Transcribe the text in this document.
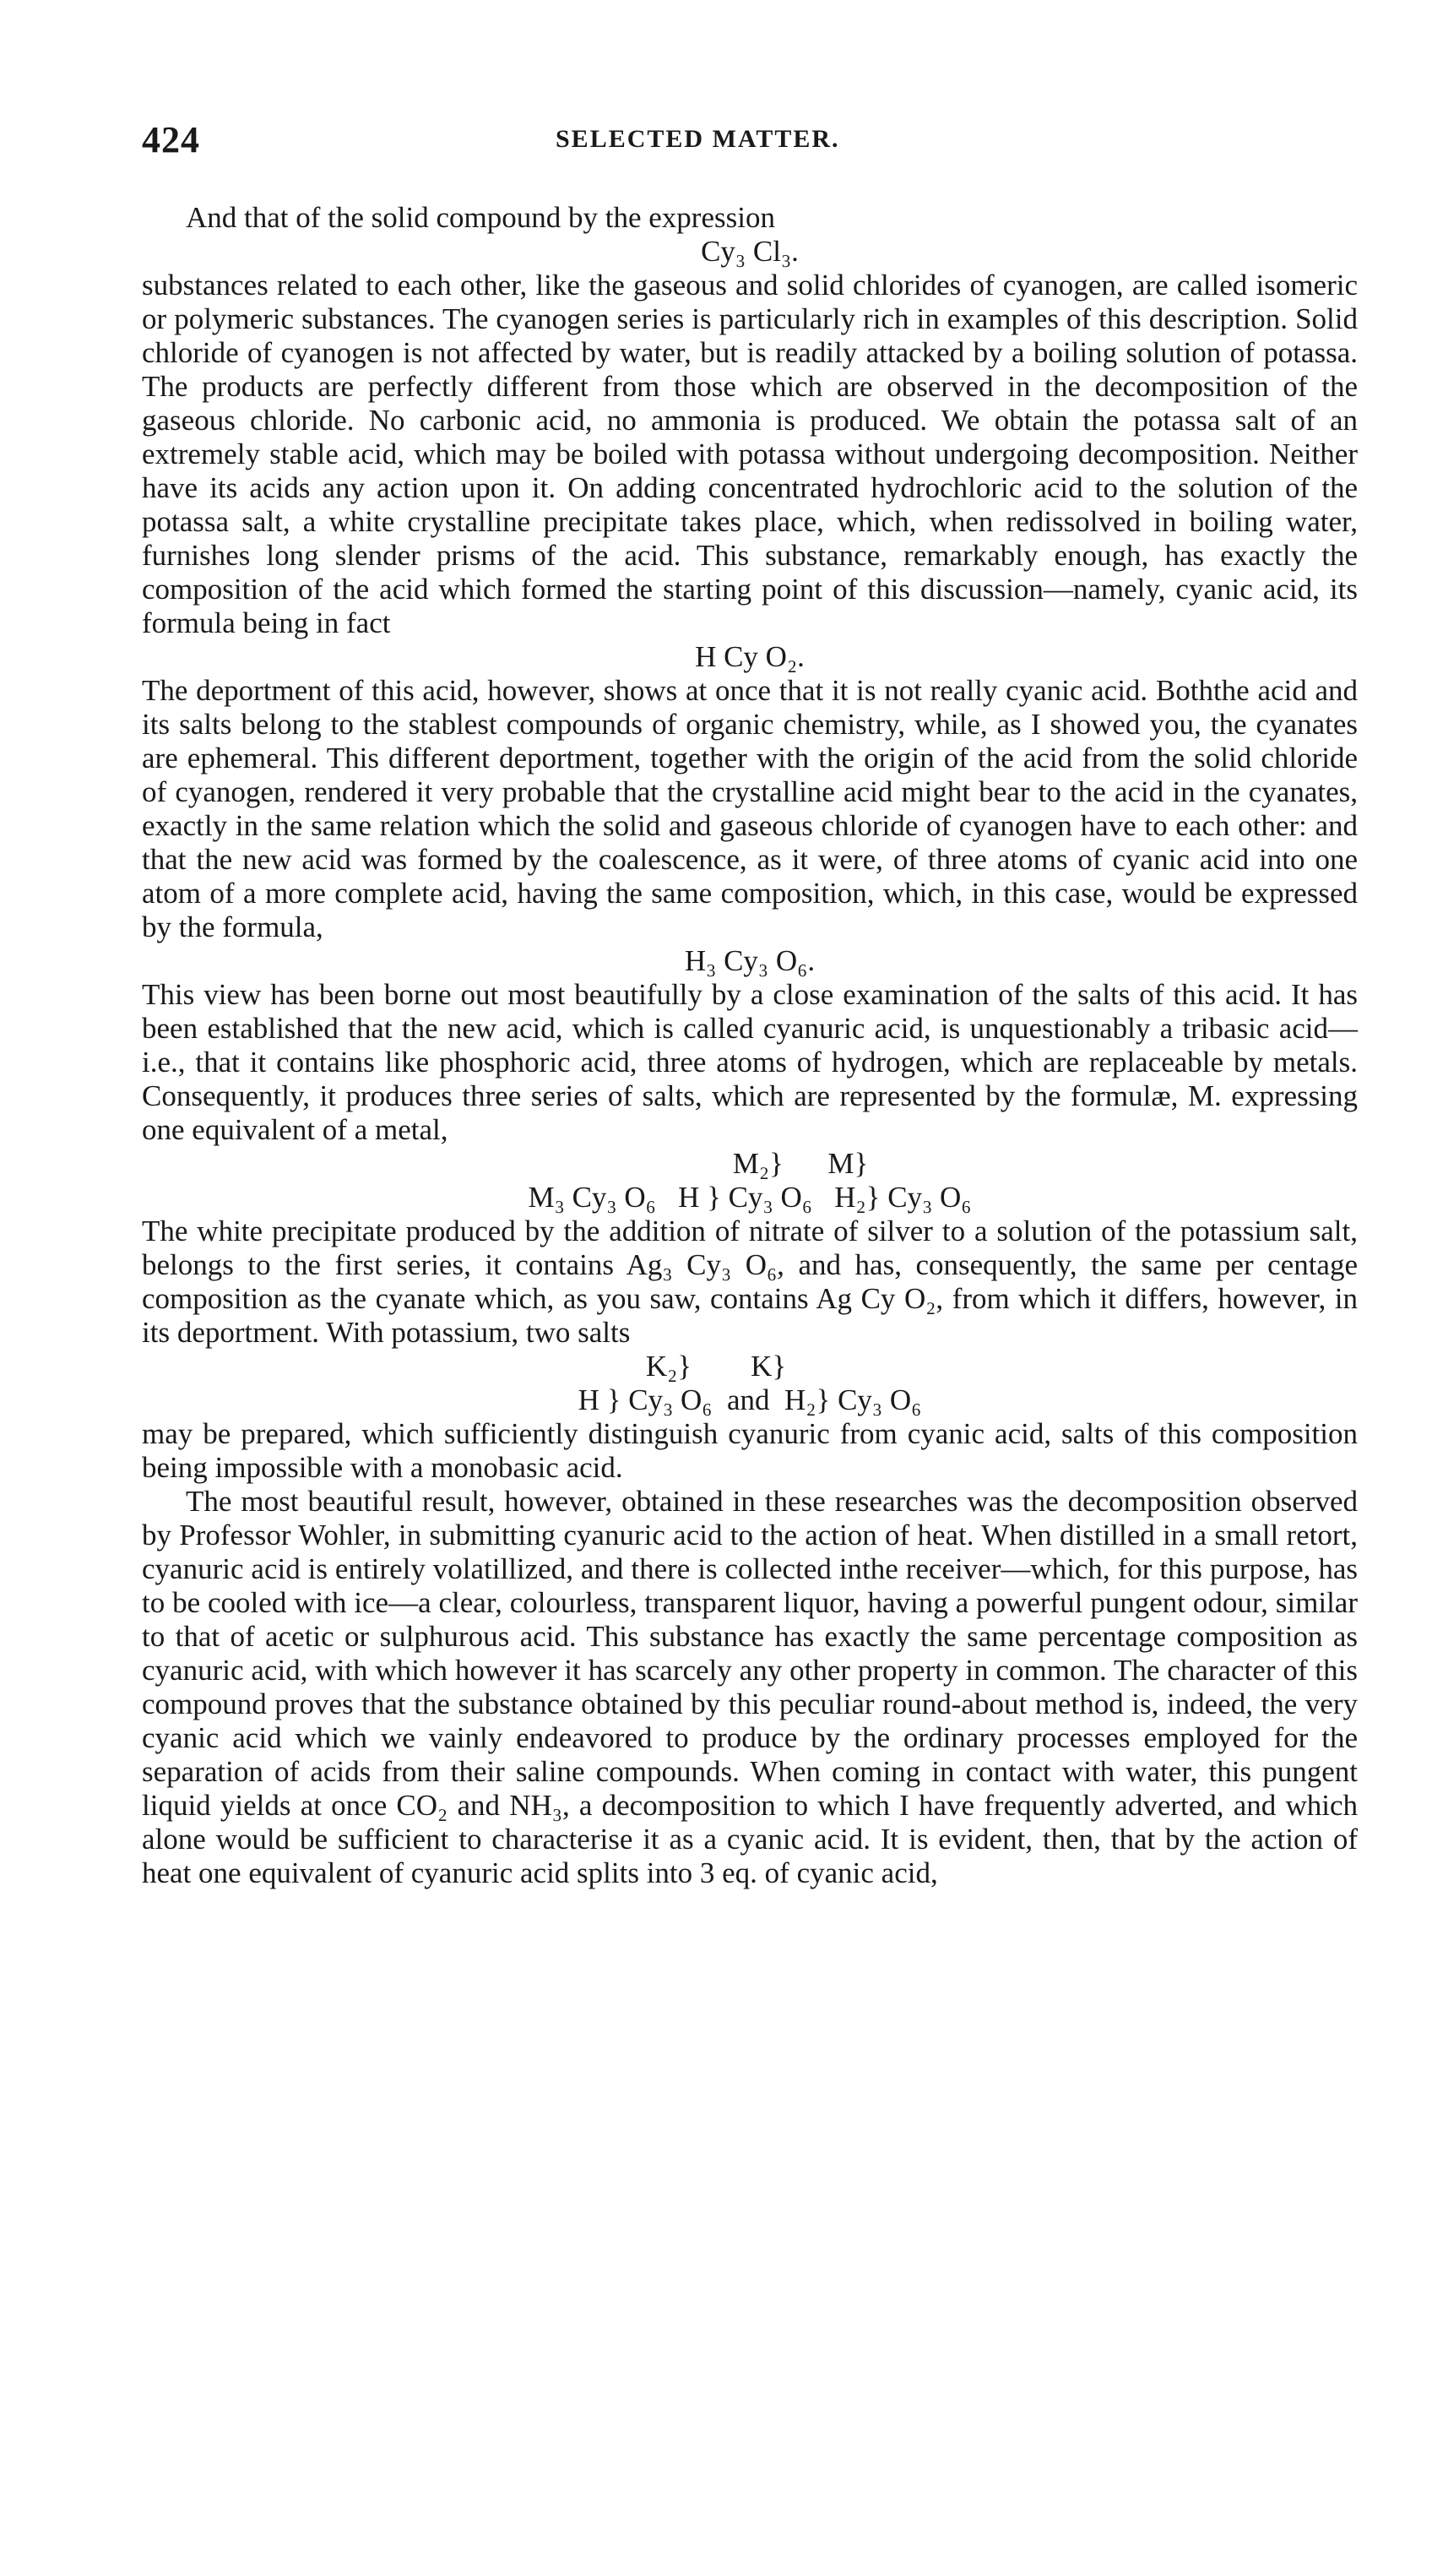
424	SELECTED MATTER.

And that of the solid compound by the expression

Cy₃ Cl₃.

substances related to each other, like the gaseous and solid chlorides of cyanogen, are called isomeric or polymeric substances. The cyanogen series is particularly rich in examples of this description. Solid chloride of cyanogen is not affected by water, but is readily attacked by a boiling solution of potassa. The products are perfectly different from those which are observed in the decomposition of the gaseous chloride. No carbonic acid, no ammonia is produced. We obtain the potassa salt of an extremely stable acid, which may be boiled with potassa without undergoing decomposition. Neither have its acids any action upon it. On adding concentrated hydrochloric acid to the solution of the potassa salt, a white crystalline precipitate takes place, which, when redissolved in boiling water, furnishes long slender prisms of the acid. This substance, remarkably enough, has exactly the composition of the acid which formed the starting point of this discussion—namely, cyanic acid, its formula being in fact

H Cy O₂.

The deportment of this acid, however, shows at once that it is not really cyanic acid. Boththe acid and its salts belong to the stablest compounds of organic chemistry, while, as I showed you, the cyanates are ephemeral. This different deportment, together with the origin of the acid from the solid chloride of cyanogen, rendered it very probable that the crystalline acid might bear to the acid in the cyanates, exactly in the same relation which the solid and gaseous chloride of cyanogen have to each other: and that the new acid was formed by the coalescence, as it were, of three atoms of cyanic acid into one atom of a more complete acid, having the same composition, which, in this case, would be expressed by the formula,

H₃ Cy₃ O₆.

This view has been borne out most beautifully by a close examination of the salts of this acid. It has been established that the new acid, which is called cyanuric acid, is unquestionably a tribasic acid—i.e., that it contains like phosphoric acid, three atoms of hydrogen, which are replaceable by metals. Consequently, it produces three series of salts, which are represented by the formulæ, M. expressing one equivalent of a metal,

M₂}      M}
M₃ Cy₃ O₆   H } Cy₃ O₆   H₂} Cy₃ O₆

The white precipitate produced by the addition of nitrate of silver to a solution of the potassium salt, belongs to the first series, it contains Ag₃ Cy₃ O₆, and has, consequently, the same per centage composition as the cyanate which, as you saw, contains Ag Cy O₂, from which it differs, however, in its deportment. With potassium, two salts

K₂}        K}
H } Cy₃ O₆  and  H₂} Cy₃ O₆

may be prepared, which sufficiently distinguish cyanuric from cyanic acid, salts of this composition being impossible with a monobasic acid.

The most beautiful result, however, obtained in these researches was the decomposition observed by Professor Wohler, in submitting cyanuric acid to the action of heat. When distilled in a small retort, cyanuric acid is entirely volatillized, and there is collected inthe receiver—which, for this purpose, has to be cooled with ice—a clear, colourless, transparent liquor, having a powerful pungent odour, similar to that of acetic or sulphurous acid. This substance has exactly the same percentage composition as cyanuric acid, with which however it has scarcely any other property in common. The character of this compound proves that the substance obtained by this peculiar round-about method is, indeed, the very cyanic acid which we vainly endeavored to produce by the ordinary processes employed for the separation of acids from their saline compounds. When coming in contact with water, this pungent liquid yields at once CO₂ and NH₃, a decomposition to which I have frequently adverted, and which alone would be sufficient to characterise it as a cyanic acid. It is evident, then, that by the action of heat one equivalent of cyanuric acid splits into 3 eq. of cyanic acid,
